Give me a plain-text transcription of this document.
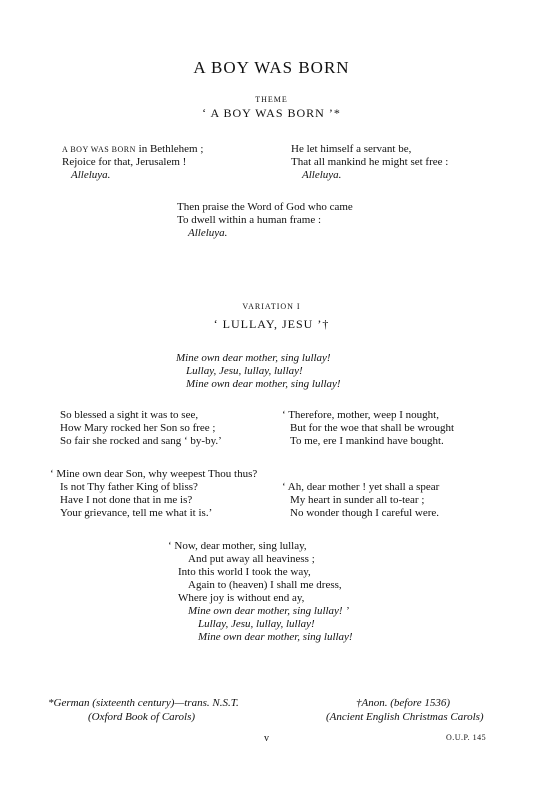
A BOY WAS BORN
THEME
‘ A BOY WAS BORN ’*
A BOY WAS BORN in Bethlehem ;
Rejoice for that, Jerusalem !
Alleluya.
He let himself a servant be,
That all mankind he might set free :
Alleluya.
Then praise the Word of God who came
To dwell within a human frame :
Alleluya.
VARIATION I
‘ LULLAY, JESU ’†
Mine own dear mother, sing lullay!
Lullay, Jesu, lullay, lullay!
Mine own dear mother, sing lullay!
So blessed a sight it was to see,
How Mary rocked her Son so free ;
So fair she rocked and sang ‘ by-by.’
‘ Therefore, mother, weep I nought,
But for the woe that shall be wrought
To me, ere I mankind have bought.
‘ Mine own dear Son, why weepest Thou thus?
Is not Thy father King of bliss?
Have I not done that in me is?
Your grievance, tell me what it is.’
‘ Ah, dear mother ! yet shall a spear
My heart in sunder all to-tear ;
No wonder though I careful were.
‘ Now, dear mother, sing lullay,
And put away all heaviness ;
Into this world I took the way,
Again to (heaven) I shall me dress,
Where joy is without end ay,
Mine own dear mother, sing lullay! ’
Lullay, Jesu, lullay, lullay!
Mine own dear mother, sing lullay!
*German (sixteenth century)—trans. N.S.T.
(Oxford Book of Carols)
†Anon. (before 1536)
(Ancient English Christmas Carols)
v	O.U.P. 145
